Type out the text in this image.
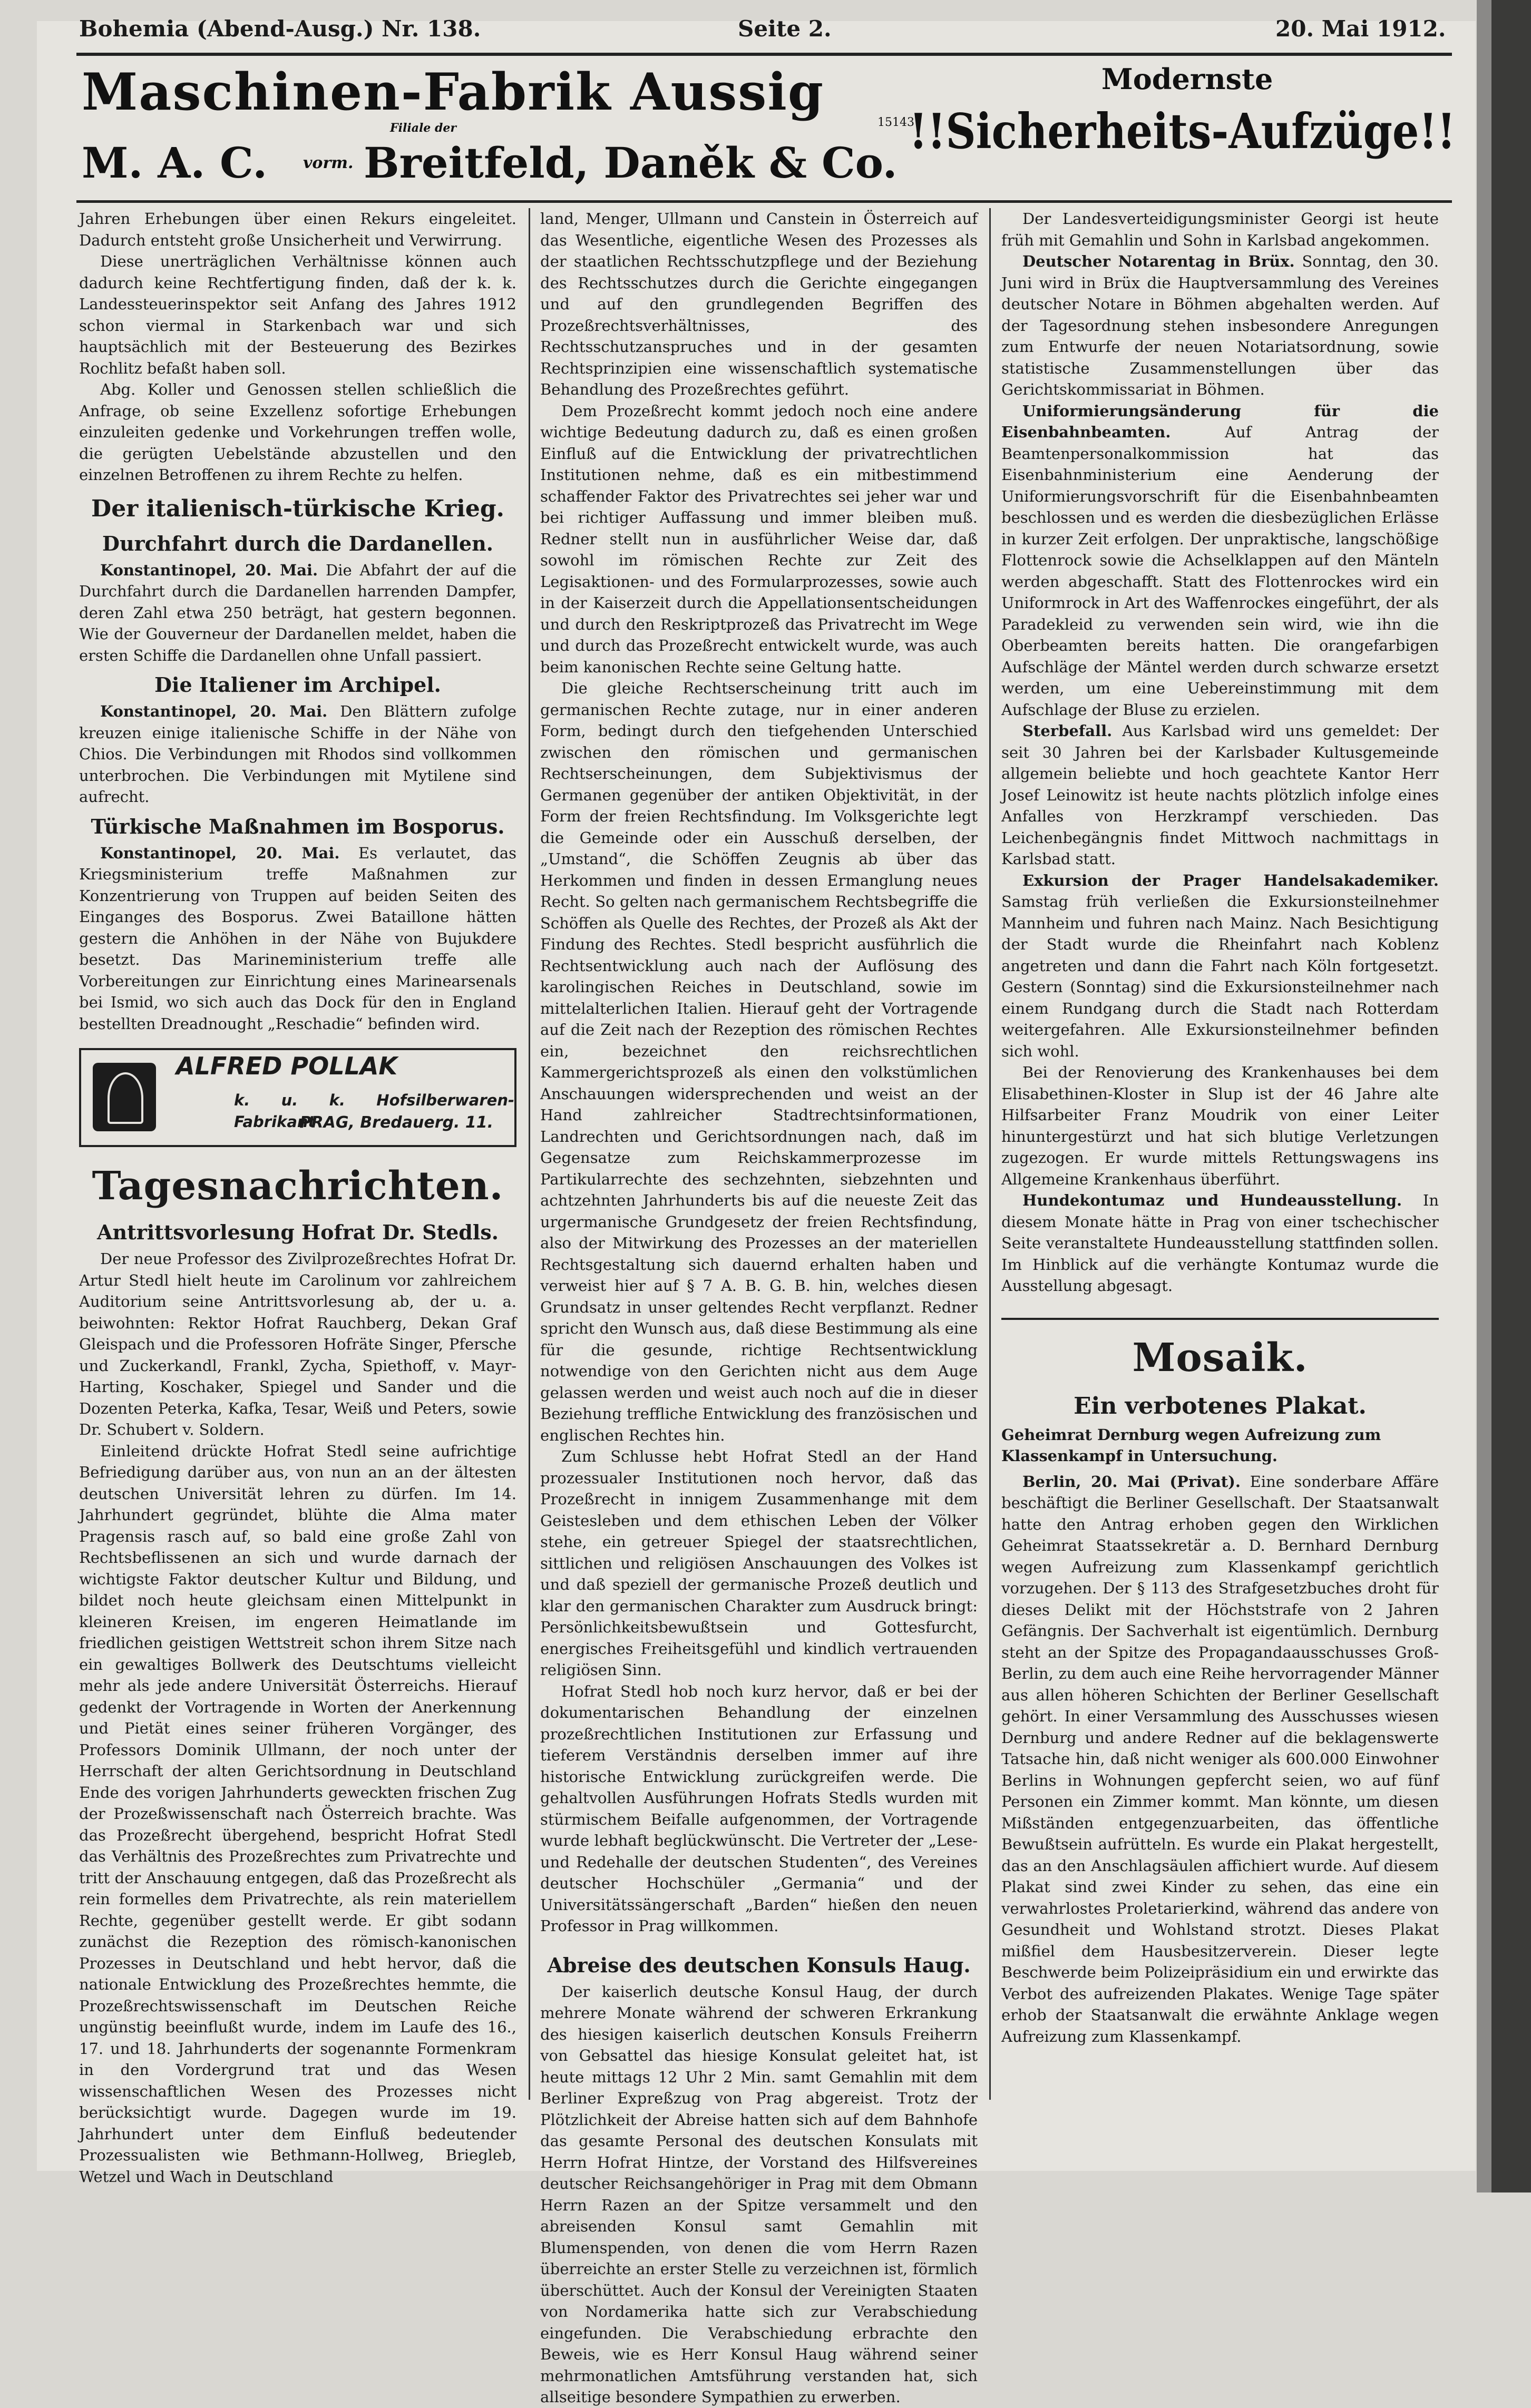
Bohemia (Abend-Ausg.) Nr. 138.	Seite 2.	20. Mai 1912.
Maschinen-Fabrik Aussig
Filiale der	15143
M. A. C. vorm. Breitfeld, Daněk & Co.
Modernste
!!Sicherheits-Aufzüge!!

Jahren Erhebungen über einen Rekurs eingeleitet. Dadurch entsteht große Unsicherheit und Verwirrung.

Diese unerträglichen Verhältnisse können auch dadurch keine Rechtfertigung finden, daß der k. k. Landessteuerinspektor seit Anfang des Jahres 1912 schon viermal in Starkenbach war und sich hauptsächlich mit der Besteuerung des Bezirkes Rochlitz befaßt haben soll.

Abg. Koller und Genossen stellen schließlich die Anfrage, ob seine Exzellenz sofortige Erhebungen einzuleiten gedenke und Vorkehrungen treffen wolle, die gerügten Uebelstände abzustellen und den einzelnen Betroffenen zu ihrem Rechte zu helfen.

Der italienisch-türkische Krieg.
Durchfahrt durch die Dardanellen.

Konstantinopel, 20. Mai. Die Abfahrt der auf die Durchfahrt durch die Dardanellen harrenden Dampfer, deren Zahl etwa 250 beträgt, hat gestern begonnen. Wie der Gouverneur der Dardanellen meldet, haben die ersten Schiffe die Dardanellen ohne Unfall passiert.

Die Italiener im Archipel.

Konstantinopel, 20. Mai. Den Blättern zufolge kreuzen einige italienische Schiffe in der Nähe von Chios. Die Verbindungen mit Rhodos sind vollkommen unterbrochen. Die Verbindungen mit Mytilene sind aufrecht.

Türkische Maßnahmen im Bosporus.

Konstantinopel, 20. Mai. Es verlautet, das Kriegsministerium treffe Maßnahmen zur Konzentrierung von Truppen auf beiden Seiten des Einganges des Bosporus. Zwei Bataillone hätten gestern die Anhöhen in der Nähe von Bujukdere besetzt. Das Marineministerium treffe alle Vorbereitungen zur Einrichtung eines Marinearsenals bei Ismid, wo sich auch das Dock für den in England bestellten Dreadnought „Reschadie“ befinden wird.

ALFRED POLLAK
k. u. k. Hofsilberwaren-Fabrikant
PRAG, Bredauerg. 11.
Tagesnachrichten.
Antrittsvorlesung Hofrat Dr. Stedls.

Der neue Professor des Zivilprozeßrechtes Hofrat Dr. Artur Stedl hielt heute im Carolinum vor zahlreichem Auditorium seine Antrittsvorlesung ab, der u. a. beiwohnten: Rektor Hofrat Rauchberg, Dekan Graf Gleispach und die Professoren Hofräte Singer, Pfersche und Zuckerkandl, Frankl, Zycha, Spiethoff, v. Mayr-Harting, Koschaker, Spiegel und Sander und die Dozenten Peterka, Kafka, Tesar, Weiß und Peters, sowie Dr. Schubert v. Soldern.

Einleitend drückte Hofrat Stedl seine aufrichtige Befriedigung darüber aus, von nun an an der ältesten deutschen Universität lehren zu dürfen. Im 14. Jahrhundert gegründet, blühte die Alma mater Pragensis rasch auf, so bald eine große Zahl von Rechtsbeflissenen an sich und wurde darnach der wichtigste Faktor deutscher Kultur und Bildung, und bildet noch heute gleichsam einen Mittelpunkt in kleineren Kreisen, im engeren Heimatlande im friedlichen geistigen Wettstreit schon ihrem Sitze nach ein gewaltiges Bollwerk des Deutschtums vielleicht mehr als jede andere Universität Österreichs. Hierauf gedenkt der Vortragende in Worten der Anerkennung und Pietät eines seiner früheren Vorgänger, des Professors Dominik Ullmann, der noch unter der Herrschaft der alten Gerichtsordnung in Deutschland Ende des vorigen Jahrhunderts geweckten frischen Zug der Prozeßwissenschaft nach Österreich brachte. Was das Prozeßrecht übergehend, bespricht Hofrat Stedl das Verhältnis des Prozeßrechtes zum Privatrechte und tritt der Anschauung entgegen, daß das Prozeßrecht als rein formelles dem Privatrechte, als rein materiellem Rechte, gegenüber gestellt werde. Er gibt sodann zunächst die Rezeption des römisch-kanonischen Prozesses in Deutschland und hebt hervor, daß die nationale Entwicklung des Prozeßrechtes hemmte, die Prozeßrechtswissenschaft im Deutschen Reiche ungünstig beeinflußt wurde, indem im Laufe des 16., 17. und 18. Jahrhunderts der sogenannte Formenkram in den Vordergrund trat und das Wesen wissenschaftlichen Wesen des Prozesses nicht berücksichtigt wurde. Dagegen wurde im 19. Jahrhundert unter dem Einfluß bedeutender Prozessualisten wie Bethmann-Hollweg, Briegleb, Wetzel und Wach in Deutschland

land, Menger, Ullmann und Canstein in Österreich auf das Wesentliche, eigentliche Wesen des Prozesses als der staatlichen Rechtsschutzpflege und der Beziehung des Rechtsschutzes durch die Gerichte eingegangen und auf den grundlegenden Begriffen des Prozeßrechtsverhältnisses, des Rechtsschutzanspruches und in der gesamten Rechtsprinzipien eine wissenschaftlich systematische Behandlung des Prozeßrechtes geführt.

Dem Prozeßrecht kommt jedoch noch eine andere wichtige Bedeutung dadurch zu, daß es einen großen Einfluß auf die Entwicklung der privatrechtlichen Institutionen nehme, daß es ein mitbestimmend schaffender Faktor des Privatrechtes sei jeher war und bei richtiger Auffassung und immer bleiben muß. Redner stellt nun in ausführlicher Weise dar, daß sowohl im römischen Rechte zur Zeit des Legisaktionen- und des Formularprozesses, sowie auch in der Kaiserzeit durch die Appellationsentscheidungen und durch den Reskriptprozeß das Privatrecht im Wege und durch das Prozeßrecht entwickelt wurde, was auch beim kanonischen Rechte seine Geltung hatte.

Die gleiche Rechtserscheinung tritt auch im germanischen Rechte zutage, nur in einer anderen Form, bedingt durch den tiefgehenden Unterschied zwischen den römischen und germanischen Rechtserscheinungen, dem Subjektivismus der Germanen gegenüber der antiken Objektivität, in der Form der freien Rechtsfindung. Im Volksgerichte legt die Gemeinde oder ein Ausschuß derselben, der „Umstand“, die Schöffen Zeugnis ab über das Herkommen und finden in dessen Ermanglung neues Recht. So gelten nach germanischem Rechtsbegriffe die Schöffen als Quelle des Rechtes, der Prozeß als Akt der Findung des Rechtes. Stedl bespricht ausführlich die Rechtsentwicklung auch nach der Auflösung des karolingischen Reiches in Deutschland, sowie im mittelalterlichen Italien. Hierauf geht der Vortragende auf die Zeit nach der Rezeption des römischen Rechtes ein, bezeichnet den reichsrechtlichen Kammergerichtsprozeß als einen den volkstümlichen Anschauungen widersprechenden und weist an der Hand zahlreicher Stadtrechtsinformationen, Landrechten und Gerichtsordnungen nach, daß im Gegensatze zum Reichskammerprozesse im Partikularrechte des sechzehnten, siebzehnten und achtzehnten Jahrhunderts bis auf die neueste Zeit das urgermanische Grundgesetz der freien Rechtsfindung, also der Mitwirkung des Prozesses an der materiellen Rechtsgestaltung sich dauernd erhalten haben und verweist hier auf § 7 A. B. G. B. hin, welches diesen Grundsatz in unser geltendes Recht verpflanzt. Redner spricht den Wunsch aus, daß diese Bestimmung als eine für die gesunde, richtige Rechtsentwicklung notwendige von den Gerichten nicht aus dem Auge gelassen werden und weist auch noch auf die in dieser Beziehung treffliche Entwicklung des französischen und englischen Rechtes hin.

Zum Schlusse hebt Hofrat Stedl an der Hand prozessualer Institutionen noch hervor, daß das Prozeßrecht in innigem Zusammenhange mit dem Geistesleben und dem ethischen Leben der Völker stehe, ein getreuer Spiegel der staatsrechtlichen, sittlichen und religiösen Anschauungen des Volkes ist und daß speziell der germanische Prozeß deutlich und klar den germanischen Charakter zum Ausdruck bringt: Persönlichkeitsbewußtsein und Gottesfurcht, energisches Freiheitsgefühl und kindlich vertrauenden religiösen Sinn.

Hofrat Stedl hob noch kurz hervor, daß er bei der dokumentarischen Behandlung der einzelnen prozeßrechtlichen Institutionen zur Erfassung und tieferem Verständnis derselben immer auf ihre historische Entwicklung zurückgreifen werde. Die gehaltvollen Ausführungen Hofrats Stedls wurden mit stürmischem Beifalle aufgenommen, der Vortragende wurde lebhaft beglückwünscht. Die Vertreter der „Lese- und Redehalle der deutschen Studenten“, des Vereines deutscher Hochschüler „Germania“ und der Universitätssängerschaft „Barden“ hießen den neuen Professor in Prag willkommen.

Abreise des deutschen Konsuls Haug.

Der kaiserlich deutsche Konsul Haug, der durch mehrere Monate während der schweren Erkrankung des hiesigen kaiserlich deutschen Konsuls Freiherrn von Gebsattel das hiesige Konsulat geleitet hat, ist heute mittags 12 Uhr 2 Min. samt Gemahlin mit dem Berliner Expreßzug von Prag abgereist. Trotz der Plötzlichkeit der Abreise hatten sich auf dem Bahnhofe das gesamte Personal des deutschen Konsulats mit Herrn Hofrat Hintze, der Vorstand des Hilfsvereines deutscher Reichsangehöriger in Prag mit dem Obmann Herrn Razen an der Spitze versammelt und den abreisenden Konsul samt Gemahlin mit Blumenspenden, von denen die vom Herrn Razen überreichte an erster Stelle zu verzeichnen ist, förmlich überschüttet. Auch der Konsul der Vereinigten Staaten von Nordamerika hatte sich zur Verabschiedung eingefunden. Die Verabschiedung erbrachte den Beweis, wie es Herr Konsul Haug während seiner mehrmonatlichen Amtsführung verstanden hat, sich allseitige besondere Sympathien zu erwerben.

Der Landesverteidigungsminister Georgi ist heute früh mit Gemahlin und Sohn in Karlsbad angekommen.

Deutscher Notarentag in Brüx. Sonntag, den 30. Juni wird in Brüx die Hauptversammlung des Vereines deutscher Notare in Böhmen abgehalten werden. Auf der Tagesordnung stehen insbesondere Anregungen zum Entwurfe der neuen Notariatsordnung, sowie statistische Zusammenstellungen über das Gerichtskommissariat in Böhmen.

Uniformierungsänderung für die Eisenbahnbeamten.	Auf Antrag der Beamtenpersonalkommission hat das Eisenbahnministerium eine Aenderung der Uniformierungsvorschrift für die Eisenbahnbeamten beschlossen und es werden die diesbezüglichen Erlässe in kurzer Zeit erfolgen. Der unpraktische, langschößige Flottenrock sowie die Achselklappen auf den Mänteln werden abgeschafft. Statt des Flottenrockes wird ein Uniformrock in Art des Waffenrockes eingeführt, der als Paradekleid zu verwenden sein wird, wie ihn die Oberbeamten bereits hatten. Die orangefarbigen Aufschläge der Mäntel werden durch schwarze ersetzt werden, um eine Uebereinstimmung mit dem Aufschlage der Bluse zu erzielen.

Sterbefall. Aus Karlsbad wird uns gemeldet: Der seit 30 Jahren bei der Karlsbader Kultusgemeinde allgemein beliebte und hoch geachtete Kantor Herr Josef Leinowitz ist heute nachts plötzlich infolge eines Anfalles von Herzkrampf verschieden. Das Leichenbegängnis findet Mittwoch nachmittags in Karlsbad statt.

Exkursion der Prager Handelsakademiker. Samstag früh verließen die Exkursionsteilnehmer Mannheim und fuhren nach Mainz. Nach Besichtigung der Stadt wurde die Rheinfahrt nach Koblenz angetreten und dann die Fahrt nach Köln fortgesetzt. Gestern (Sonntag) sind die Exkursionsteilnehmer nach einem Rundgang durch die Stadt nach Rotterdam weitergefahren. Alle Exkursionsteilnehmer befinden sich wohl.

Bei der Renovierung des Krankenhauses bei dem Elisabethinen-Kloster in Slup ist der 46 Jahre alte Hilfsarbeiter Franz Moudrik von einer Leiter hinuntergestürzt und hat sich blutige Verletzungen zugezogen. Er wurde mittels Rettungswagens ins Allgemeine Krankenhaus überführt.

Hundekontumaz und Hundeausstellung. In diesem Monate hätte in Prag von einer tschechischer Seite veranstaltete Hundeausstellung stattfinden sollen. Im Hinblick auf die verhängte Kontumaz wurde die Ausstellung abgesagt.

Mosaik.
Ein verbotenes Plakat.

Geheimrat Dernburg wegen Aufreizung zum Klassenkampf in Untersuchung.

Berlin, 20. Mai (Privat). Eine sonderbare Affäre beschäftigt die Berliner Gesellschaft. Der Staatsanwalt hatte den Antrag erhoben gegen den Wirklichen Geheimrat Staatssekretär a. D. Bernhard Dernburg wegen Aufreizung zum Klassenkampf gerichtlich vorzugehen. Der § 113 des Strafgesetzbuches droht für dieses Delikt mit der Höchststrafe von 2 Jahren Gefängnis. Der Sachverhalt ist eigentümlich. Dernburg steht an der Spitze des Propagandaausschusses Groß-Berlin, zu dem auch eine Reihe hervorragender Männer aus allen höheren Schichten der Berliner Gesellschaft gehört. In einer Versammlung des Ausschusses wiesen Dernburg und andere Redner auf die beklagenswerte Tatsache hin, daß nicht weniger als 600.000 Einwohner Berlins in Wohnungen gepfercht seien, wo auf fünf Personen ein Zimmer kommt. Man könnte, um diesen Mißständen entgegenzuarbeiten, das öffentliche Bewußtsein aufrütteln. Es wurde ein Plakat hergestellt, das an den Anschlagsäulen affichiert wurde. Auf diesem Plakat sind zwei Kinder zu sehen, das eine ein verwahrlostes Proletarierkind, während das andere von Gesundheit und Wohlstand strotzt. Dieses Plakat mißfiel dem Hausbesitzerverein. Dieser legte Beschwerde beim Polizeipräsidium ein und erwirkte das Verbot des aufreizenden Plakates. Wenige Tage später erhob der Staatsanwalt die erwähnte Anklage wegen Aufreizung zum Klassenkampf.
